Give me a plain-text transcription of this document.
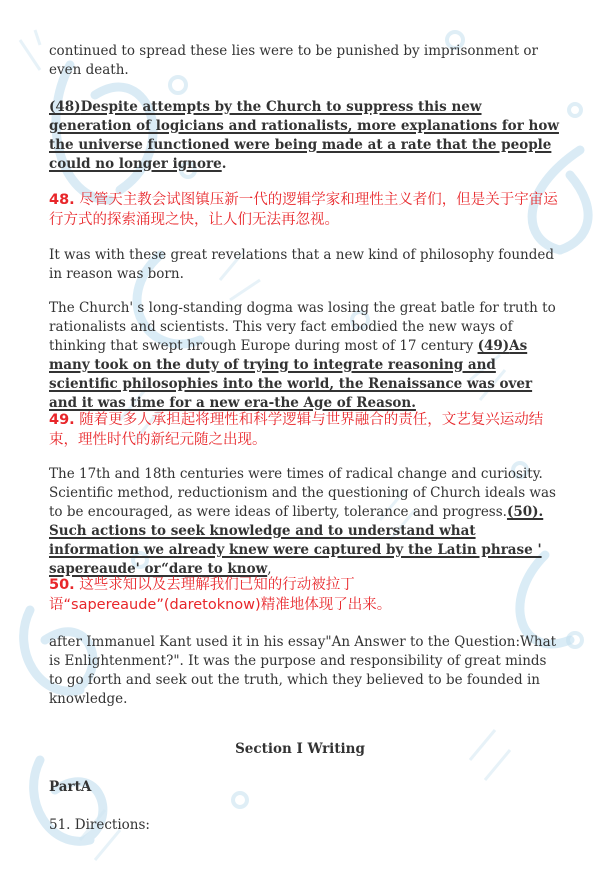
continued to spread these lies were to be punished by imprisonment or even death.

(48)Despite attempts by the Church to suppress this new generation of logicians and rationalists, more explanations for how the universe functioned were being made at a rate that the people could no longer ignore.

48. 尽管天主教会试图镇压新一代的逻辑学家和理性主义者们，但是关于宇宙运行方式的探索涌现之快，让人们无法再忽视。

It was with these great revelations that a new kind of philosophy founded in reason was born.

The Church' s long-standing dogma was losing the great batle for truth to rationalists and scientists. This very fact embodied the new ways of thinking that swept hrough Europe during most of 17 century (49)As many took on the duty of trying to integrate reasoning and scientific philosophies into the world, the Renaissance was over and it was time for a new era-the Age of Reason.

49. 随着更多人承担起将理性和科学逻辑与世界融合的责任，文艺复兴运动结束，理性时代的新纪元随之出现。

The 17th and 18th centuries were times of radical change and curiosity. Scientific method, reductionism and the questioning of Church ideals was to be encouraged, as were ideas of liberty, tolerance and progress.(50). Such actions to seek knowledge and to understand what information we already knew were captured by the Latin phrase ' sapereaude' or“dare to know,

50. 这些求知以及去理解我们已知的行动被拉丁语“sapereaude”(daretoknow)精准地体现了出来。

after Immanuel Kant used it in his essay"An Answer to the Question:What is Enlightenment?". It was the purpose and responsibility of great minds to go forth and seek out the truth, which they believed to be founded in knowledge.

Section I Writing
PartA
51. Directions:
